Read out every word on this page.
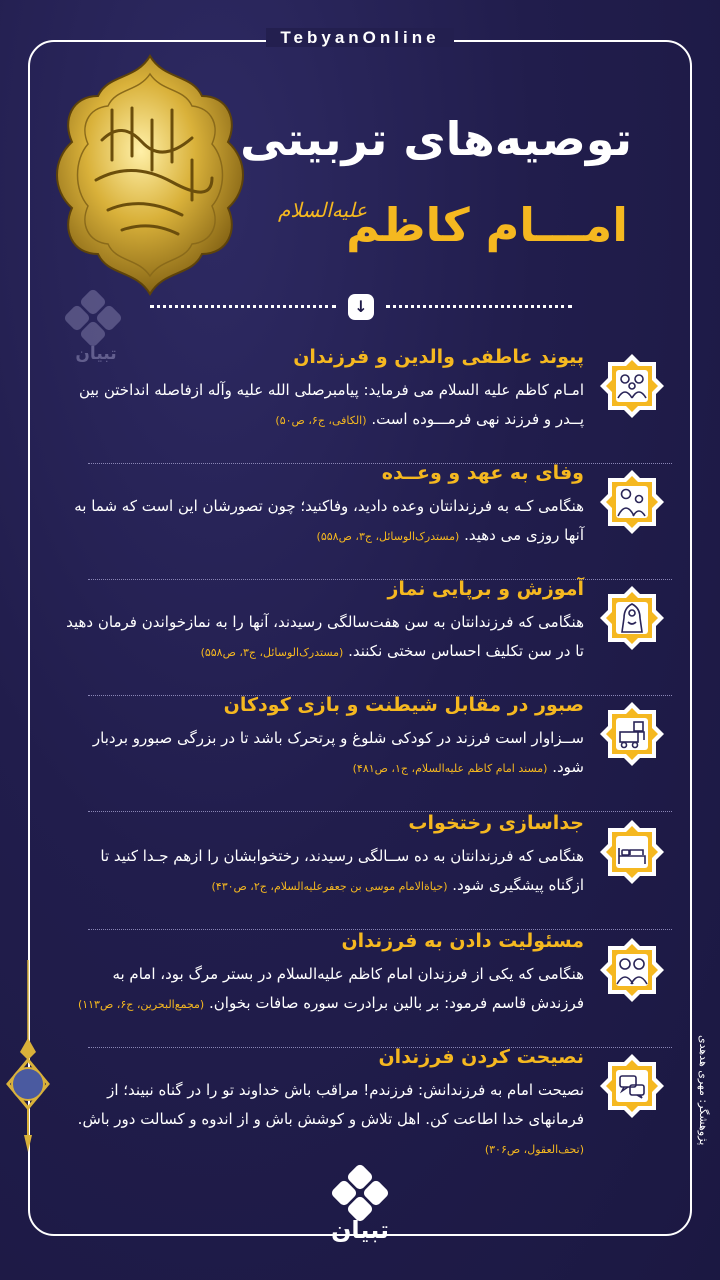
TebyanOnline
تبیان
توصیه‌های تربیتی
امـــام کاظم
علیه‌السلام
↓
پیوند عاطفی والدین و فرزندان
امـام کاظم علیه السلام می فرماید: پیامبرصلی الله علیه وآله ازفاصله انداختن بین پــدر و فرزند نهی فرمـــوده است. (الکافی، ج۶، ص۵۰)
وفای به عهد و وعــده
هنگامی کـه به فرزندانتان وعده دادید، وفاکنید؛ چون تصورشان این است که شما به آنها روزی می دهید. (مستدرک‌الوسائل، ج۳، ص۵۵۸)
آموزش و برپایی نماز
هنگامی که فرزندانتان به سن هفت‌سالگی رسیدند، آنها را به نمازخواندن فرمان دهید تا در سن تکلیف احساس سختی نکنند. (مستدرک‌الوسائل، ج۳، ص۵۵۸)
صبور در مقابل شیطنت و بازی کودکان
ســزاوار است فرزند در کودکی شلوغ و پرتحرک باشد تا در بزرگی صبورو بردبار شود. (مسند امام کاظم علیه‌السلام، ج۱، ص۴۸۱)
جداسازی رختخواب
هنگامی که فرزندانتان به ده ســالگی رسیدند، رختخوابشان را ازهم جـدا کنید تا ازگناه پیشگیری شود. (حیاة‌الامام موسی بن جعفرعلیه‌السلام، ج۲، ص۴۳۰)
مسئولیت دادن به فرزندان
هنگامی که یکی از فرزندان امام کاظم علیه‌السلام در بستر مرگ بود، امام به فرزندش قاسم فرمود: بر بالین برادرت سوره صافات بخوان. (مجمع‌البحرین، ج۶، ص۱۱۳)
نصیحت کردن فرزندان
نصیحت امام به فرزندانش: فرزندم! مراقب باش خداوند تو را در گناه نبیند؛ از فرمانهای خدا اطاعت کن. اهل تلاش و کوشش باش و از اندوه و کسالت دور باش. (تحف‌العقول، ص۳۰۶)
پژوهشگر: مهری هدهدی
تبیان
